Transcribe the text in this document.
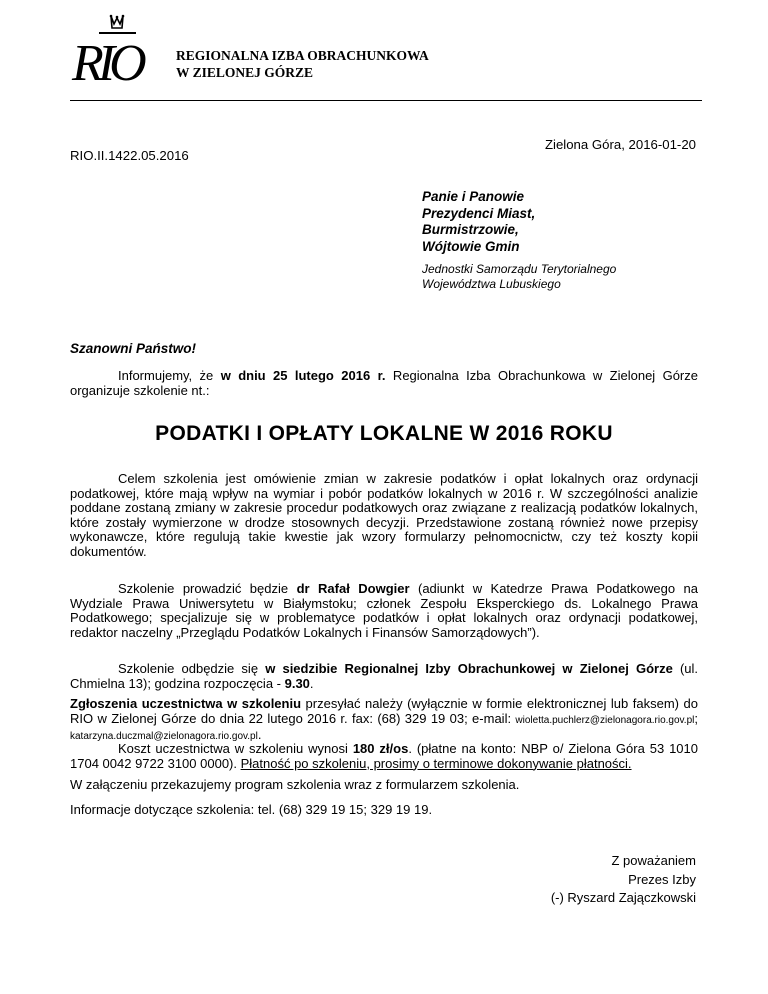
RIO	REGIONALNA IZBA OBRACHUNKOWA
W ZIELONEJ GÓRZE
Zielona Góra, 2016-01-20
RIO.II.1422.05.2016
Panie i Panowie
Prezydenci Miast,
Burmistrzowie,
Wójtowie Gmin
Jednostki Samorządu Terytorialnego
Województwa Lubuskiego
Szanowni Państwo!
Informujemy, że w dniu 25 lutego 2016 r. Regionalna Izba Obrachunkowa w Zielonej Górze organizuje szkolenie nt.:
PODATKI I OPŁATY LOKALNE W 2016 ROKU
Celem szkolenia jest omówienie zmian w zakresie podatków i opłat lokalnych oraz ordynacji podatkowej, które mają wpływ na wymiar i pobór podatków lokalnych w 2016 r. W szczególności analizie poddane zostaną zmiany w zakresie procedur podatkowych oraz związane z realizacją podatków lokalnych, które zostały wymierzone w drodze stosownych decyzji. Przedstawione zostaną również nowe przepisy wykonawcze, które regulują takie kwestie jak wzory formularzy pełnomocnictw, czy też koszty kopii dokumentów.
Szkolenie prowadzić będzie dr Rafał Dowgier (adiunkt w Katedrze Prawa Podatkowego na Wydziale Prawa Uniwersytetu w Białymstoku; członek Zespołu Eksperckiego ds. Lokalnego Prawa Podatkowego; specjalizuje się w problematyce podatków i opłat lokalnych oraz ordynacji podatkowej, redaktor naczelny „Przeglądu Podatków Lokalnych i Finansów Samorządowych”).
Szkolenie odbędzie się w siedzibie Regionalnej Izby Obrachunkowej w Zielonej Górze (ul. Chmielna 13); godzina rozpoczęcia - 9.30.
Zgłoszenia uczestnictwa w szkoleniu przesyłać należy (wyłącznie w formie elektronicznej lub faksem) do RIO w Zielonej Górze do dnia 22 lutego 2016 r. fax: (68) 329 19 03; e-mail: wioletta.puchlerz@zielonagora.rio.gov.pl; katarzyna.duczmal@zielonagora.rio.gov.pl.
Koszt uczestnictwa w szkoleniu wynosi 180 zł/os. (płatne na konto: NBP o/ Zielona Góra 53 1010 1704 0042 9722 3100 0000). Płatność po szkoleniu, prosimy o terminowe dokonywanie płatności.
W załączeniu przekazujemy program szkolenia wraz z formularzem szkolenia.
Informacje dotyczące szkolenia: tel. (68) 329 19 15; 329 19 19.
Z poważaniem
Prezes Izby
(-) Ryszard Zajączkowski
